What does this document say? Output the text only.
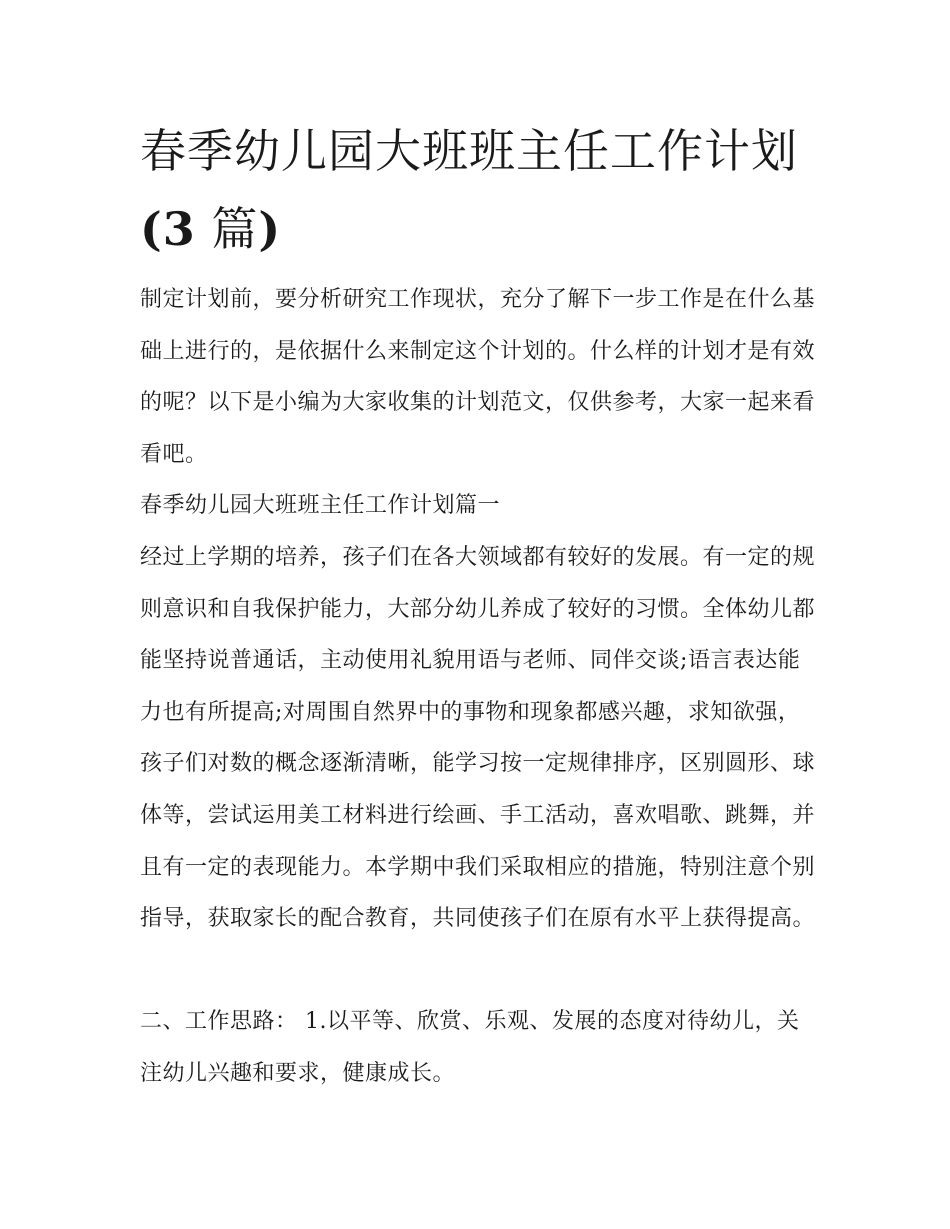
春季幼儿园大班班主任工作计划(3 篇)

制定计划前，要分析研究工作现状，充分了解下一步工作是在什么基础上进行的，是依据什么来制定这个计划的。什么样的计划才是有效的呢？以下是小编为大家收集的计划范文，仅供参考，大家一起来看看吧。

春季幼儿园大班班主任工作计划篇一

经过上学期的培养，孩子们在各大领域都有较好的发展。有一定的规则意识和自我保护能力，大部分幼儿养成了较好的习惯。全体幼儿都能坚持说普通话，主动使用礼貌用语与老师、同伴交谈;语言表达能力也有所提高;对周围自然界中的事物和现象都感兴趣，求知欲强，孩子们对数的概念逐渐清晰，能学习按一定规律排序，区别圆形、球体等，尝试运用美工材料进行绘画、手工活动，喜欢唱歌、跳舞，并且有一定的表现能力。本学期中我们采取相应的措施，特别注意个别指导，获取家长的配合教育，共同使孩子们在原有水平上获得提高。

二、工作思路： 1.以平等、欣赏、乐观、发展的态度对待幼儿，关注幼儿兴趣和要求，健康成长。
